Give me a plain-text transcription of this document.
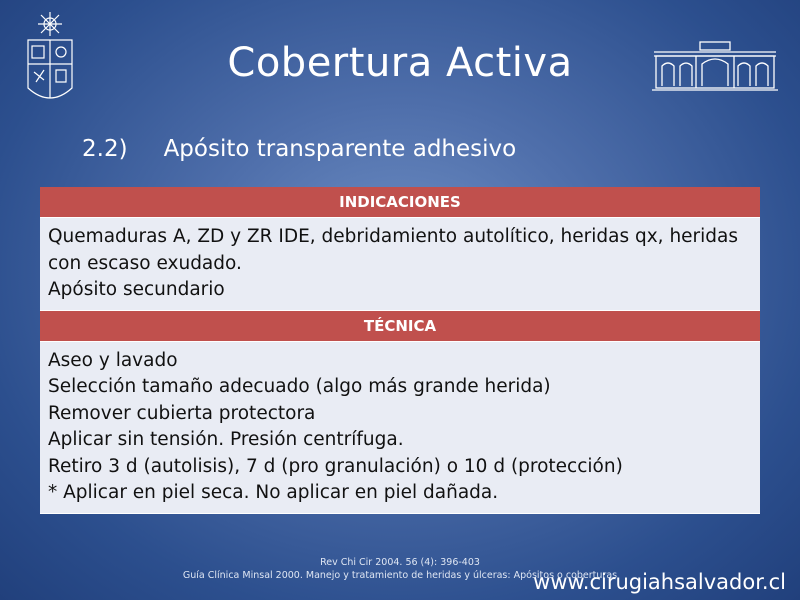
Cobertura Activa
2.2) Apósito transparente adhesivo
INDICACIONES
Quemaduras A, ZD y ZR IDE, debridamiento autolítico, heridas qx, heridas con escaso exudado.
Apósito secundario
TÉCNICA
Aseo y lavado
Selección tamaño adecuado (algo más grande herida)
Remover cubierta protectora
Aplicar sin tensión. Presión centrífuga.
Retiro 3 d (autolisis), 7 d (pro granulación) o 10 d (protección)
* Aplicar en piel seca. No aplicar en piel dañada.
Rev Chi Cir 2004. 56 (4): 396-403
Guía Clínica Minsal 2000. Manejo y tratamiento de heridas y úlceras: Apósitos o coberturas
www.cirugiahsalvador.cl
